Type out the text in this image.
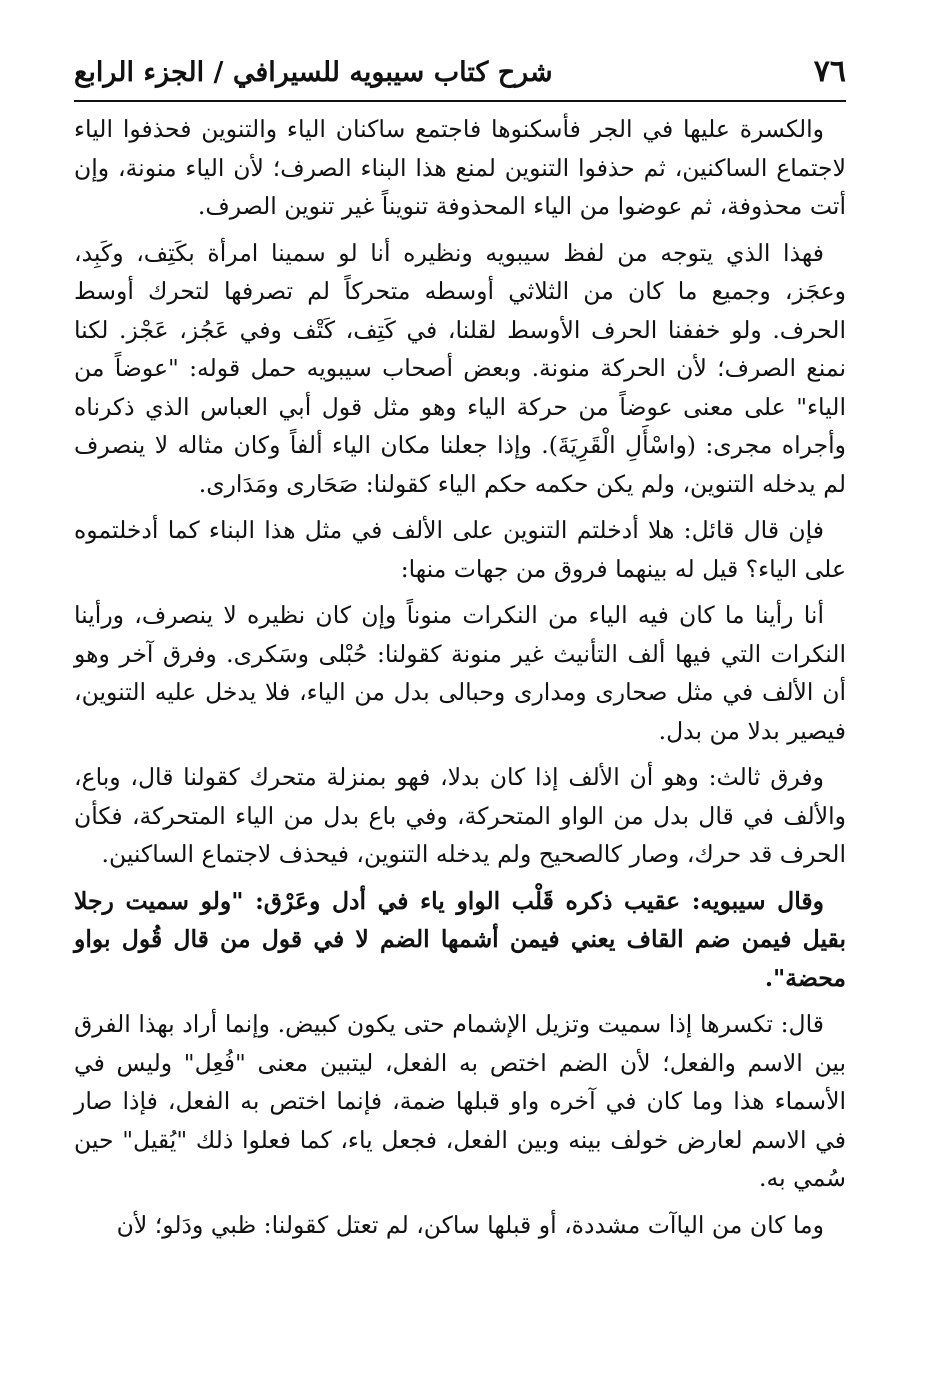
٧٦
شرح كتاب سيبويه للسيرافي / الجزء الرابع

والكسرة عليها في الجر فأسكنوها فاجتمع ساكنان الياء والتنوين فحذفوا الياء لاجتماع الساكنين، ثم حذفوا التنوين لمنع هذا البناء الصرف؛ لأن الياء منونة، وإن أتت محذوفة، ثم عوضوا من الياء المحذوفة تنويناً غير تنوين الصرف.

فهذا الذي يتوجه من لفظ سيبويه ونظيره أنا لو سمينا امرأة بكَتِف، وكَبِد، وعجَز، وجميع ما كان من الثلاثي أوسطه متحركاً لم تصرفها لتحرك أوسط الحرف. ولو خففنا الحرف الأوسط لقلنا، في كَتِف، كَتْف وفي عَجُز، عَجْز. لكنا نمنع الصرف؛ لأن الحركة منونة. وبعض أصحاب سيبويه حمل قوله: "عوضاً من الياء" على معنى عوضاً من حركة الياء وهو مثل قول أبي العباس الذي ذكرناه وأجراه مجرى: (واسْأَلِ الْقَرِيَةَ). وإذا جعلنا مكان الياء ألفاً وكان مثاله لا ينصرف لم يدخله التنوين، ولم يكن حكمه حكم الياء كقولنا: صَحَارى ومَدَارى.

فإن قال قائل: هلا أدخلتم التنوين على الألف في مثل هذا البناء كما أدخلتموه على الياء؟ قيل له بينهما فروق من جهات منها:

أنا رأينا ما كان فيه الياء من النكرات منوناً وإن كان نظيره لا ينصرف، ورأينا النكرات التي فيها ألف التأنيث غير منونة كقولنا: حُبْلى وسَكرى. وفرق آخر وهو أن الألف في مثل صحارى ومدارى وحبالى بدل من الياء، فلا يدخل عليه التنوين، فيصير بدلا من بدل.

وفرق ثالث: وهو أن الألف إذا كان بدلا، فهو بمنزلة متحرك كقولنا قال، وباع، والألف في قال بدل من الواو المتحركة، وفي باع بدل من الياء المتحركة، فكأن الحرف قد حرك، وصار كالصحيح ولم يدخله التنوين، فيحذف لاجتماع الساكنين.

وقال سيبويه: عقيب ذكره قَلْب الواو ياء في أدل وعَرْق: "ولو سميت رجلا بقيل فيمن ضم القاف يعني فيمن أشمها الضم لا في قول من قال قُول بواو محضة".

قال: تكسرها إذا سميت وتزيل الإشمام حتى يكون كبيض. وإنما أراد بهذا الفرق بين الاسم والفعل؛ لأن الضم اختص به الفعل، ليتبين معنى "فُعِل" وليس في الأسماء هذا وما كان في آخره واو قبلها ضمة، فإنما اختص به الفعل، فإذا صار في الاسم لعارض خولف بينه وبين الفعل، فجعل ياء، كما فعلوا ذلك "يُقيل" حين سُمي به.

وما كان من الياآت مشددة، أو قبلها ساكن، لم تعتل كقولنا: ظبي ودَلو؛ لأن
